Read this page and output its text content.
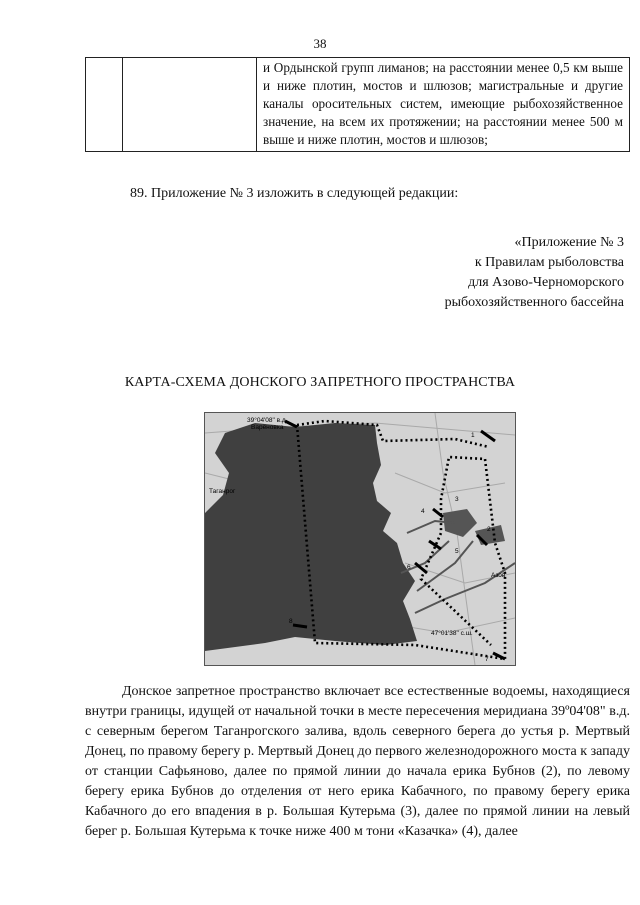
38
		и Ордынской групп лиманов; на расстоянии менее 0,5 км выше и ниже плотин, мостов и шлюзов; магистральные и другие каналы оросительных систем, имеющие рыбохозяйственное значение, на всем их протяжении; на расстоянии менее 500 м выше и ниже плотин, мостов и шлюзов;
89. Приложение № 3 изложить в следующей редакции:
«Приложение № 3
к Правилам рыболовства
для Азово-Черноморского
рыбохозяйственного бассейна
КАРТА-СХЕМА ДОНСКОГО ЗАПРЕТНОГО ПРОСТРАНСТВА
39°04'08" в.д.
Варёновка
Таганрог
Азов
47°01'38" с.ш.
1
2
3
4
5
6
7
8

Донское запретное пространство включает все естественные водоемы, находящиеся внутри границы, идущей от начальной точки в месте пересечения меридиана 39º04'08" в.д. с северным берегом Таганрогского залива, вдоль северного берега до устья р. Мертвый Донец, по правому берегу р. Мертвый Донец до первого железнодорожного моста к западу от станции Сафьяново, далее по прямой линии до начала ерика Бубнов (2), по левому берегу ерика Бубнов до отделения от него ерика Кабачного, по правому берегу ерика Кабачного до его впадения в р. Большая Кутерьма (3), далее по прямой линии на левый берег р. Большая Кутерьма к точке ниже 400 м тони «Казачка» (4), далее
